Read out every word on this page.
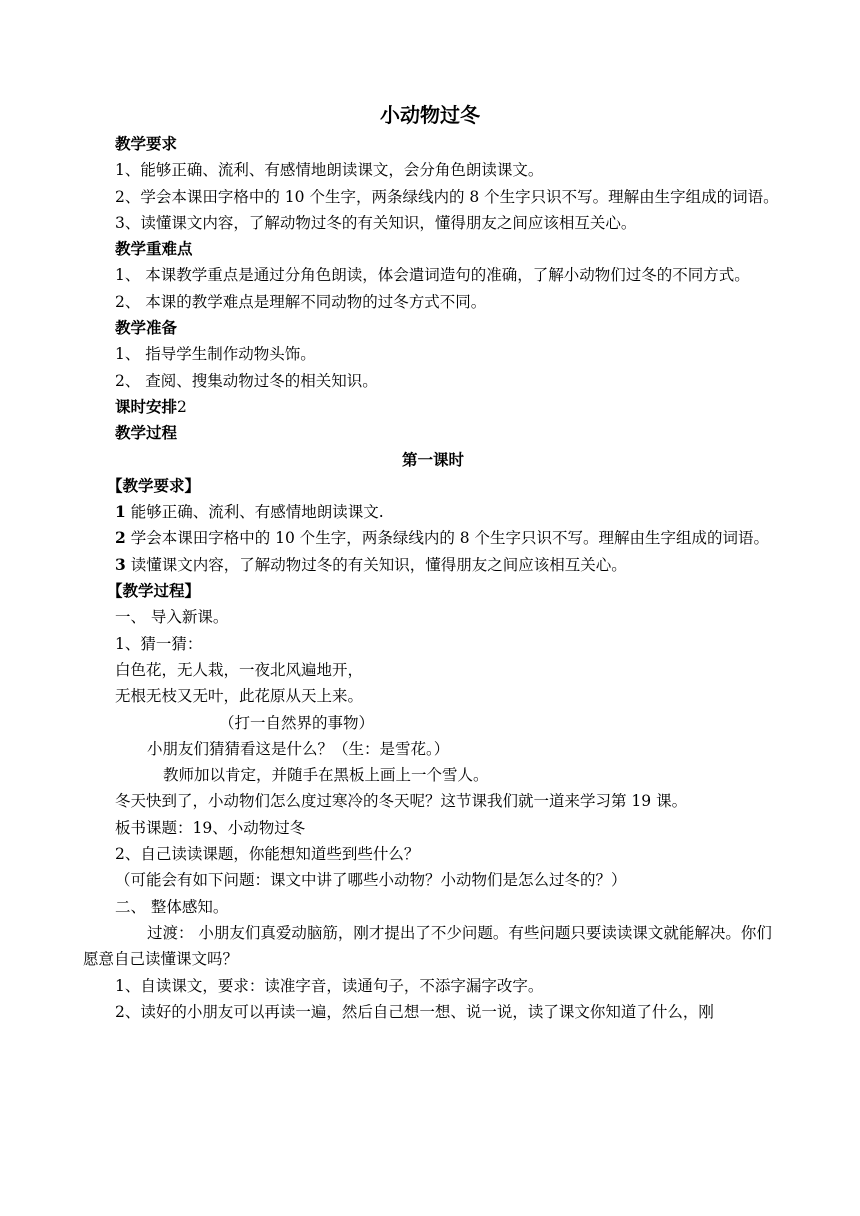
小动物过冬

教学要求

1、能够正确、流利、有感情地朗读课文，会分角色朗读课文。

2、学会本课田字格中的 10 个生字，两条绿线内的 8 个生字只识不写。理解由生字组成的词语。

3、读懂课文内容，了解动物过冬的有关知识，懂得朋友之间应该相互关心。

教学重难点

1、 本课教学重点是通过分角色朗读，体会遣词造句的准确，了解小动物们过冬的不同方式。

2、 本课的教学难点是理解不同动物的过冬方式不同。

教学准备

1、 指导学生制作动物头饰。

2、 查阅、搜集动物过冬的相关知识。

课时安排2

教学过程

第一课时

【教学要求】

1 能够正确、流利、有感情地朗读课文.

2 学会本课田字格中的 10 个生字，两条绿线内的 8 个生字只识不写。理解由生字组成的词语。

3 读懂课文内容，了解动物过冬的有关知识，懂得朋友之间应该相互关心。

【教学过程】

一、 导入新课。

1、猜一猜：

白色花，无人栽，一夜北风遍地开，

无根无枝又无叶，此花原从天上来。

（打一自然界的事物）

小朋友们猜猜看这是什么？（生：是雪花。）

教师加以肯定，并随手在黑板上画上一个雪人。

冬天快到了，小动物们怎么度过寒冷的冬天呢？这节课我们就一道来学习第 19 课。

板书课题：19、小动物过冬

2、自己读读课题，你能想知道些到些什么？

（可能会有如下问题：课文中讲了哪些小动物？小动物们是怎么过冬的？）

二、 整体感知。

过渡： 小朋友们真爱动脑筋，刚才提出了不少问题。有些问题只要读读课文就能解决。你们愿意自己读懂课文吗？

1、自读课文，要求：读准字音，读通句子，不添字漏字改字。

2、读好的小朋友可以再读一遍，然后自己想一想、说一说，读了课文你知道了什么，刚
